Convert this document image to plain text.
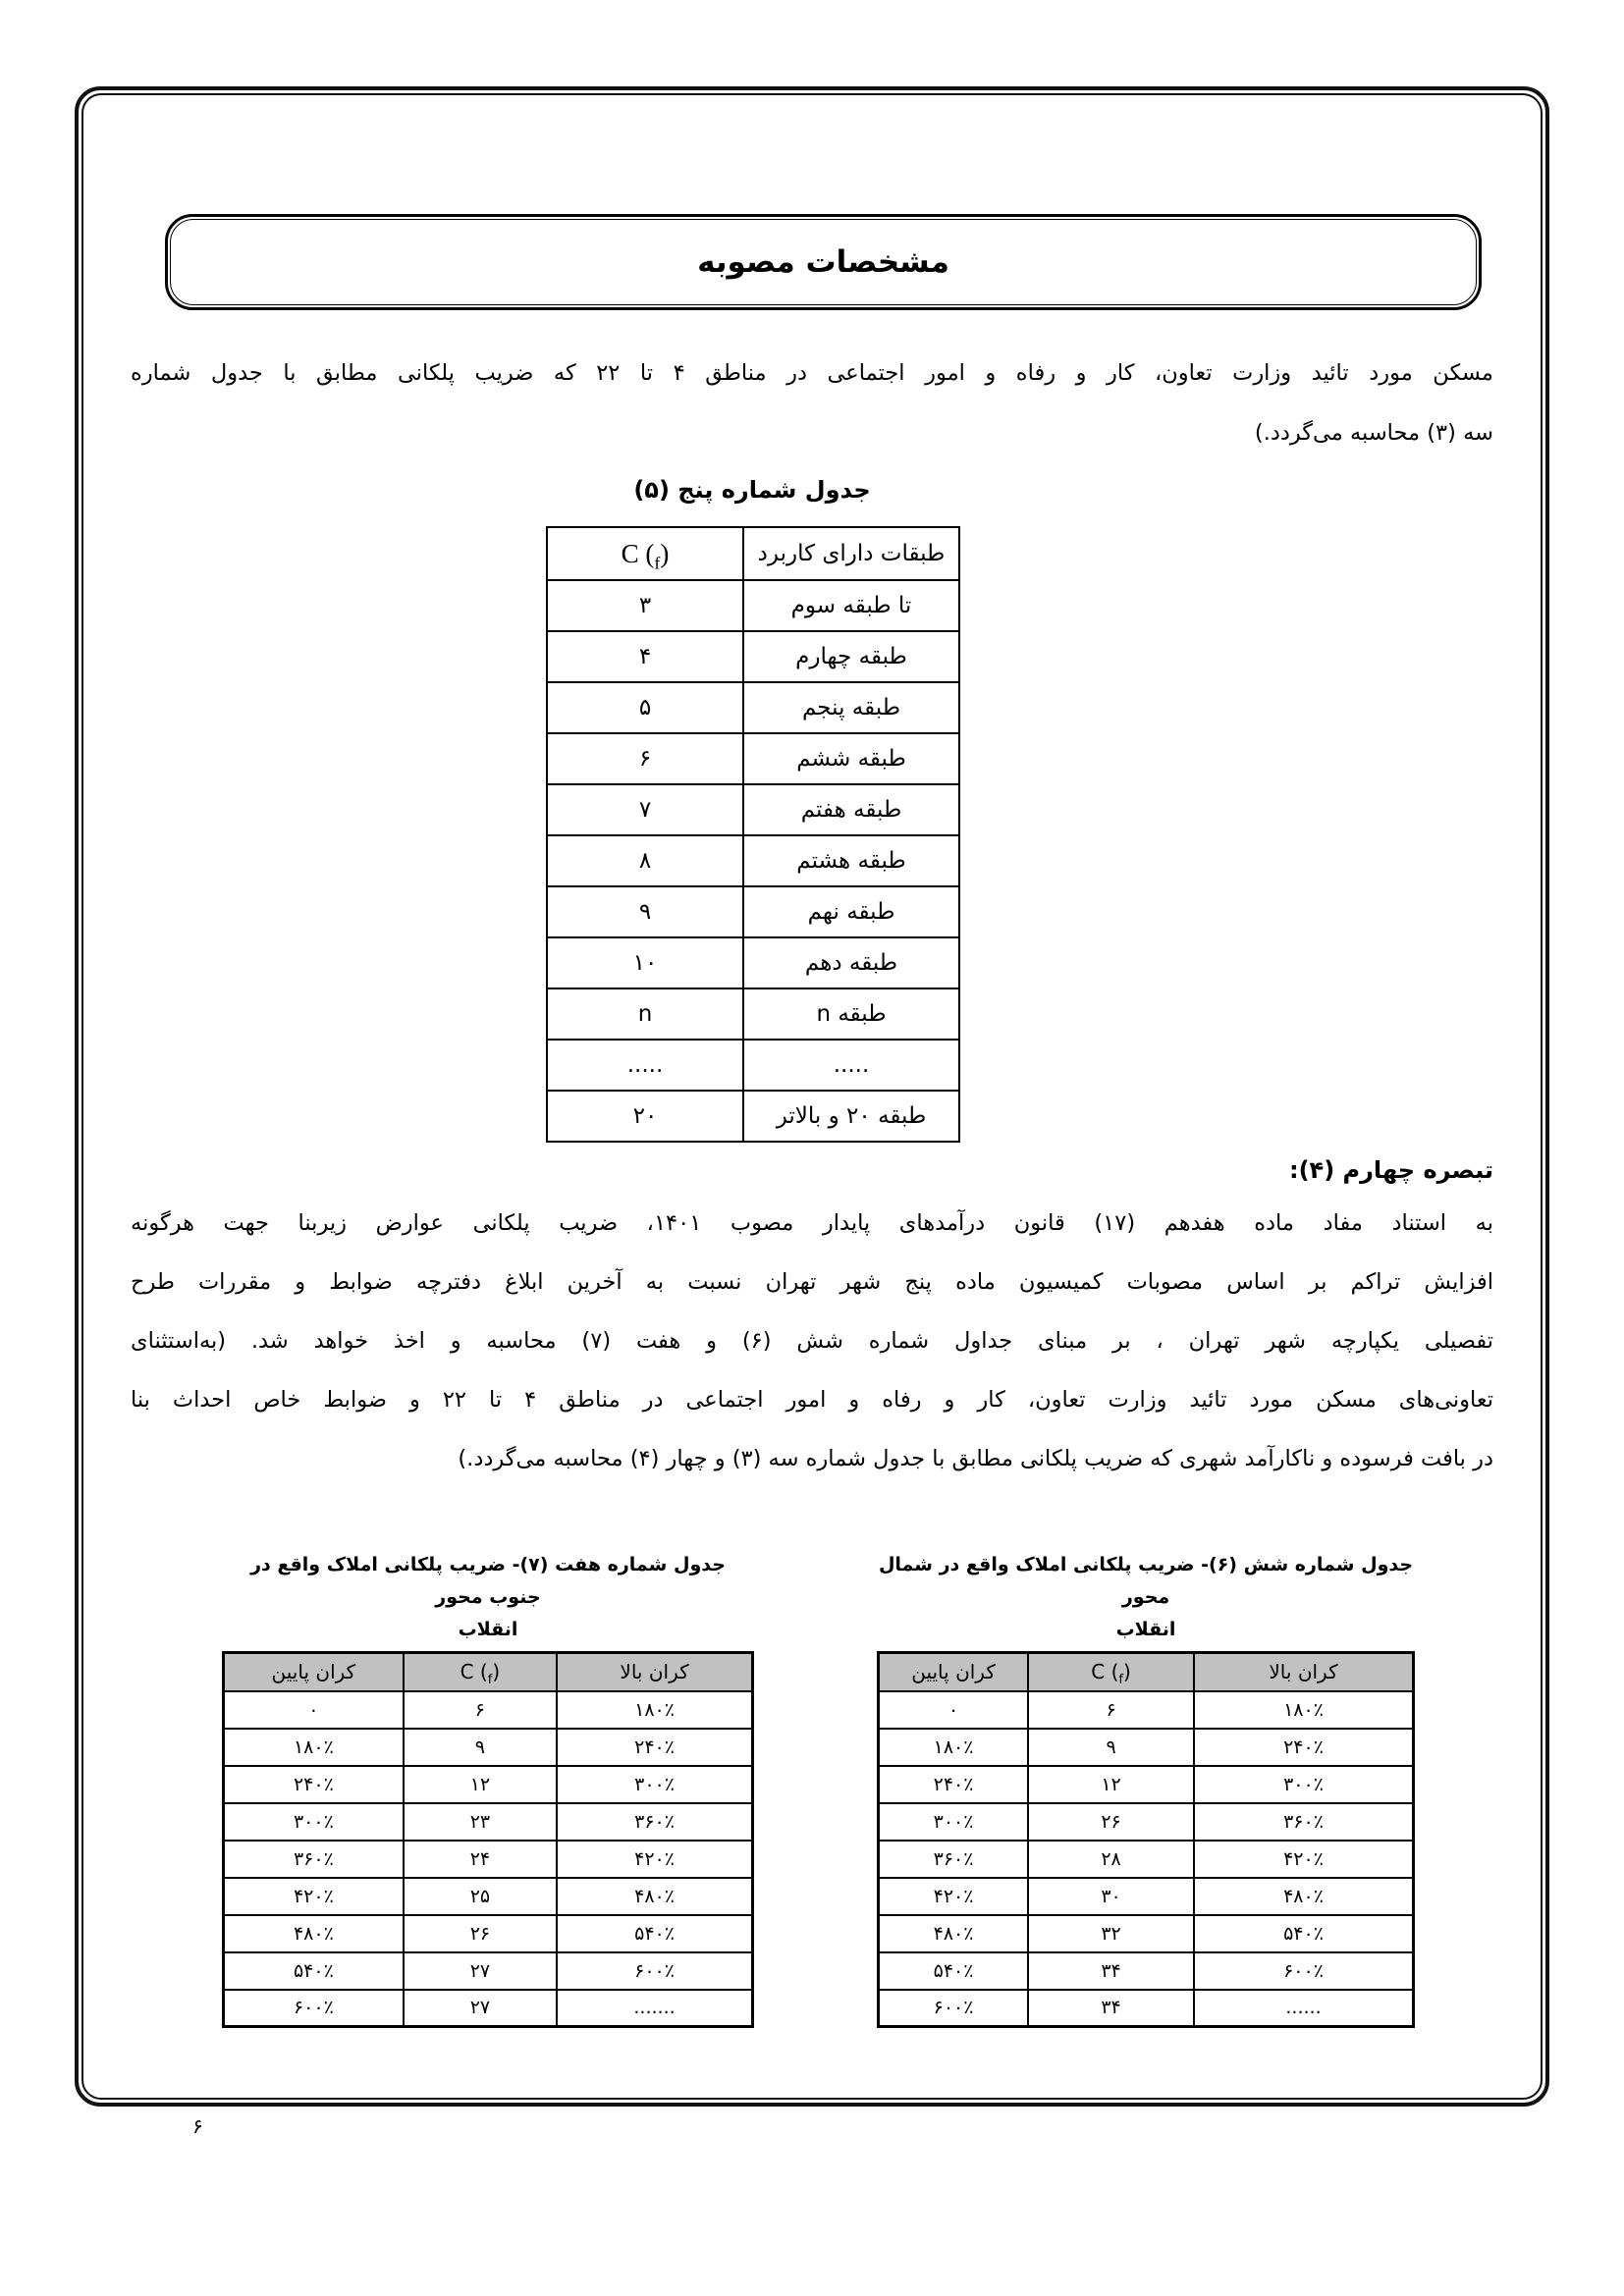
مشخصات مصوبه
مسکن مورد تائید وزارت تعاون، کار و رفاه و امور اجتماعی در مناطق ۴ تا ۲۲ که ضریب پلکانی مطابق با جدول شماره
سه (۳) محاسبه می‌گردد.)
جدول شماره پنج (۵)
C $(_f)$	طبقات دارای کاربرد
۳	تا طبقه سوم
۴	طبقه چهارم
۵	طبقه پنجم
۶	طبقه ششم
۷	طبقه هفتم
۸	طبقه هشتم
۹	طبقه نهم
۱۰	طبقه دهم
n	طبقه n
.....	.....
۲۰	طبقه ۲۰ و بالاتر
تبصره چهارم (۴):
به استناد مفاد ماده هفدهم (۱۷) قانون درآمدهای پایدار مصوب ۱۴۰۱، ضریب پلکانی عوارض زیربنا جهت هرگونه
افزایش تراکم بر اساس مصوبات کمیسیون ماده پنج شهر تهران نسبت به آخرین ابلاغ دفترچه ضوابط و مقررات طرح
تفصیلی یکپارچه شهر تهران ، بر مبنای جداول شماره شش (۶) و هفت (۷) محاسبه و اخذ خواهد شد. (به‌استثنای
تعاونی‌های مسکن مورد تائید وزارت تعاون، کار و رفاه و امور اجتماعی در مناطق ۴ تا ۲۲ و ضوابط خاص احداث بنا
در بافت فرسوده و ناکارآمد شهری که ضریب پلکانی مطابق با جدول شماره سه (۳) و چهار (۴) محاسبه می‌گردد.)
جدول شماره هفت (۷)- ضریب پلکانی املاک واقع در جنوب محور
انقلاب
کران پایین	C $(_f)$	کران بالا
۰	۶	۱۸۰٪
۱۸۰٪	۹	۲۴۰٪
۲۴۰٪	۱۲	۳۰۰٪
۳۰۰٪	۲۳	۳۶۰٪
۳۶۰٪	۲۴	۴۲۰٪
۴۲۰٪	۲۵	۴۸۰٪
۴۸۰٪	۲۶	۵۴۰٪
۵۴۰٪	۲۷	۶۰۰٪
۶۰۰٪	۲۷	.......
جدول شماره شش (۶)- ضریب پلکانی املاک واقع در شمال محور
انقلاب
کران پایین	C $(_f)$	کران بالا
۰	۶	۱۸۰٪
۱۸۰٪	۹	۲۴۰٪
۲۴۰٪	۱۲	۳۰۰٪
۳۰۰٪	۲۶	۳۶۰٪
۳۶۰٪	۲۸	۴۲۰٪
۴۲۰٪	۳۰	۴۸۰٪
۴۸۰٪	۳۲	۵۴۰٪
۵۴۰٪	۳۴	۶۰۰٪
۶۰۰٪	۳۴	......
۶
